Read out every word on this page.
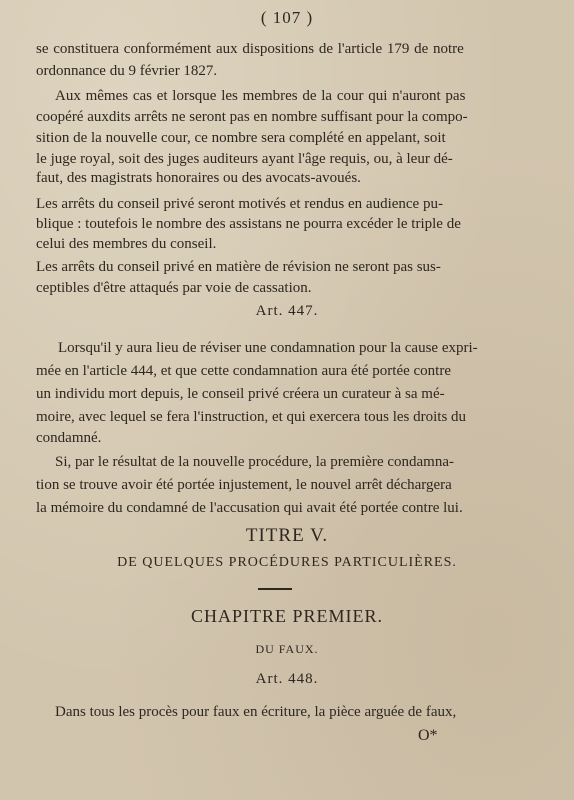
( 107 )
se constituera conformément aux dispositions de l'article 179 de notre
ordonnance du 9 février 1827.
Aux mêmes cas et lorsque les membres de la cour qui n'auront pas
coopéré auxdits arrêts ne seront pas en nombre suffisant pour la compo-
sition de la nouvelle cour, ce nombre sera complété en appelant, soit
le juge royal, soit des juges auditeurs ayant l'âge requis, ou, à leur dé-
faut, des magistrats honoraires ou des avocats-avoués.
Les arrêts du conseil privé seront motivés et rendus en audience pu-
blique : toutefois le nombre des assistans ne pourra excéder le triple de
celui des membres du conseil.
Les arrêts du conseil privé en matière de révision ne seront pas sus-
ceptibles d'être attaqués par voie de cassation.
Art. 447.
Lorsqu'il y aura lieu de réviser une condamnation pour la cause expri-
mée en l'article 444, et que cette condamnation aura été portée contre
un individu mort depuis, le conseil privé créera un curateur à sa mé-
moire, avec lequel se fera l'instruction, et qui exercera tous les droits du
condamné.
Si, par le résultat de la nouvelle procédure, la première condamna-
tion se trouve avoir été portée injustement, le nouvel arrêt déchargera
la mémoire du condamné de l'accusation qui avait été portée contre lui.
TITRE V.
DE QUELQUES PROCÉDURES PARTICULIÈRES.
CHAPITRE PREMIER.
DU FAUX.
Art. 448.
Dans tous les procès pour faux en écriture, la pièce arguée de faux,
O*
